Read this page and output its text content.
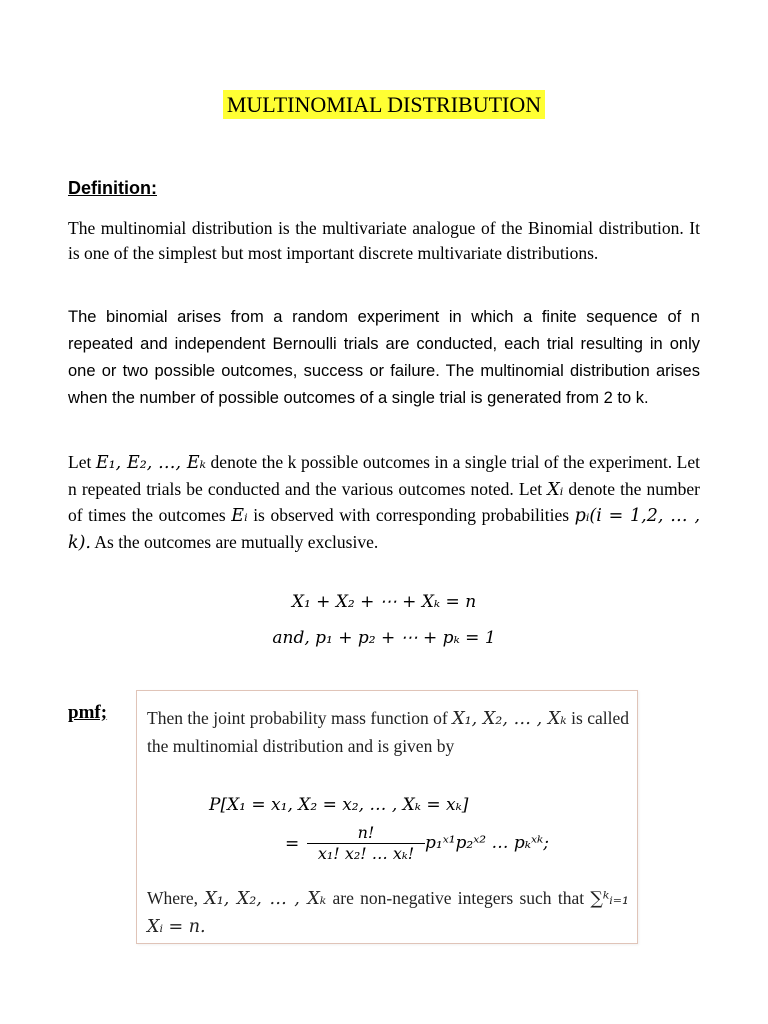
MULTINOMIAL DISTRIBUTION
Definition:
The multinomial distribution is the multivariate analogue of the Binomial distribution. It is one of the simplest but most important discrete multivariate distributions.
The binomial arises from a random experiment in which a finite sequence of n repeated and independent Bernoulli trials are conducted, each trial resulting in only one or two possible outcomes, success or failure. The multinomial distribution arises when the number of possible outcomes of a single trial is generated from 2 to k.
Let E₁, E₂, …, Eₖ denote the k possible outcomes in a single trial of the experiment. Let n repeated trials be conducted and the various outcomes noted. Let Xᵢ denote the number of times the outcomes Eᵢ is observed with corresponding probabilities pᵢ(i = 1,2, … , k). As the outcomes are mutually exclusive.
X₁ + X₂ + ⋯ + Xₖ = n
and, p₁ + p₂ + ⋯ + pₖ = 1
pmf; Then the joint probability mass function of X₁, X₂, … , Xₖ is called the multinomial distribution and is given by
P[X₁ = x₁, X₂ = x₂, … , Xₖ = xₖ]
= $\frac{n!}{\text{x₁! x₂! … xₖ!}}$ p₁ˣ¹p₂ˣ² … pₖˣᵏ;
Where, X₁, X₂, … , Xₖ are non-negative integers such that ∑ᵏᵢ₌₁ Xᵢ = n.
